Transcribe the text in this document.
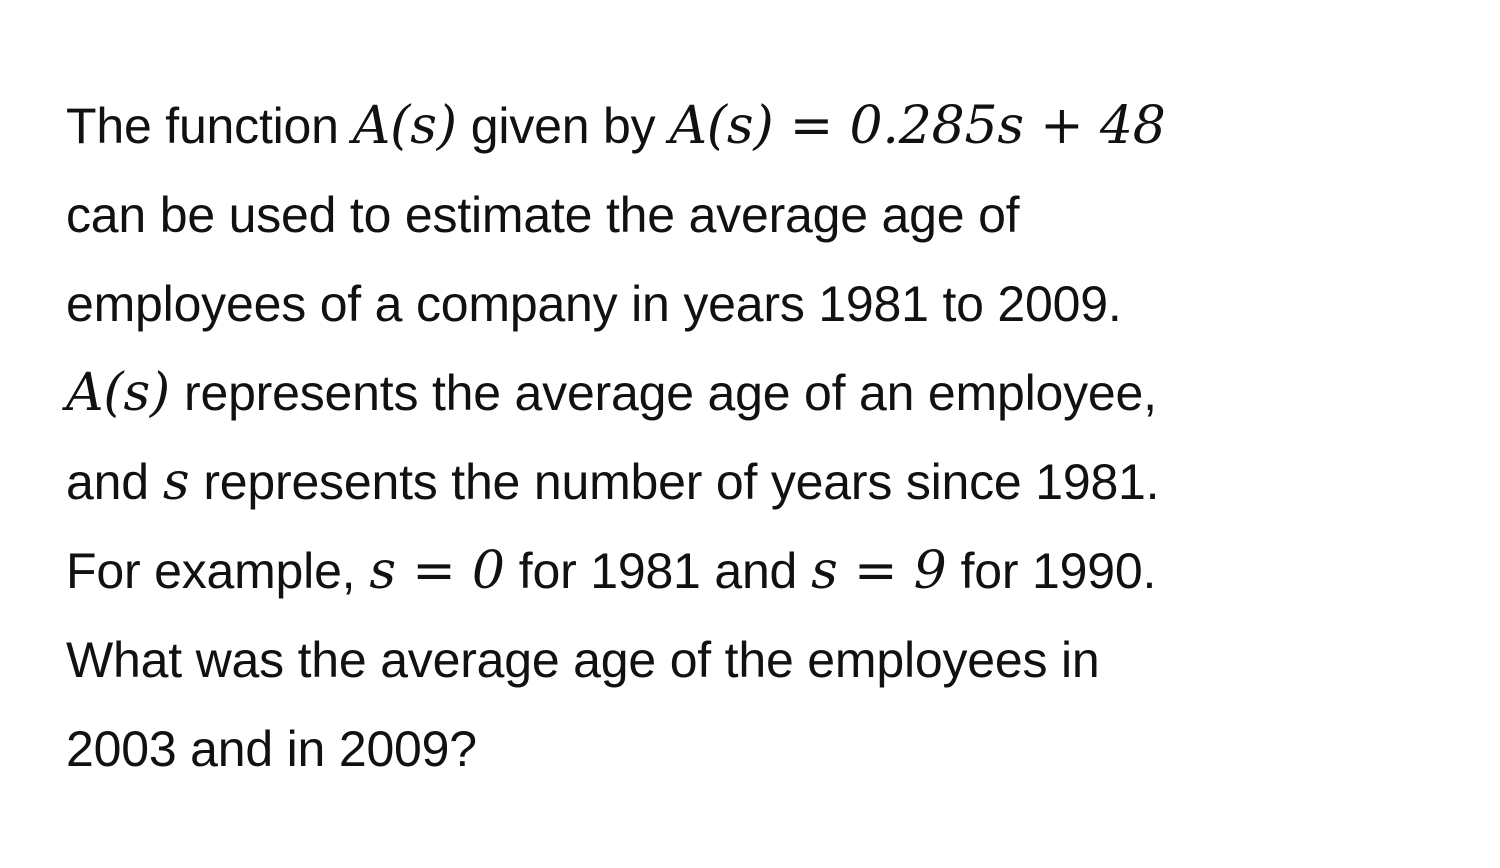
The function A(s) given by A(s) = 0.285s + 48
can be used to estimate the average age of
employees of a company in years 1981 to 2009.
A(s) represents the average age of an employee,
and s represents the number of years since 1981.
For example, s = 0 for 1981 and s = 9 for 1990.
What was the average age of the employees in
2003 and in 2009?
